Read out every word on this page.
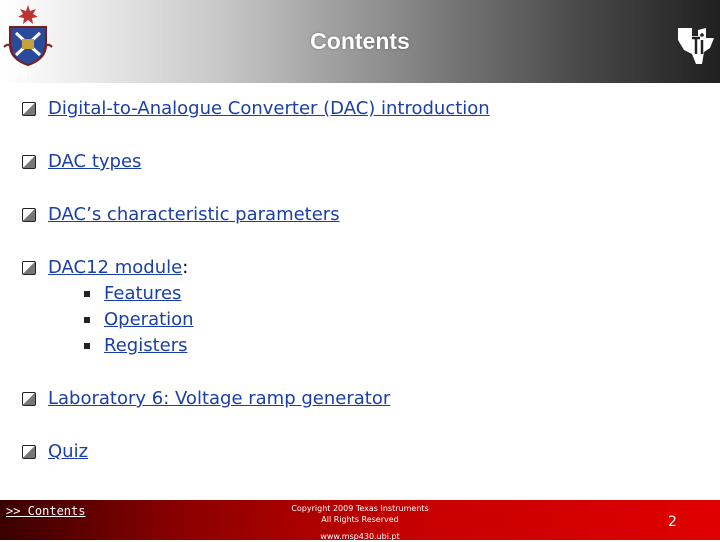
UBI
Contents
Digital-to-Analogue Converter (DAC) introduction
DAC types
DAC’s characteristic parameters
DAC12 module:
Features
Operation
Registers
Laboratory 6: Voltage ramp generator
Quiz
>> Contents	Copyright 2009 Texas Instruments
All Rights Reserved
www.msp430.ubi.pt
2
